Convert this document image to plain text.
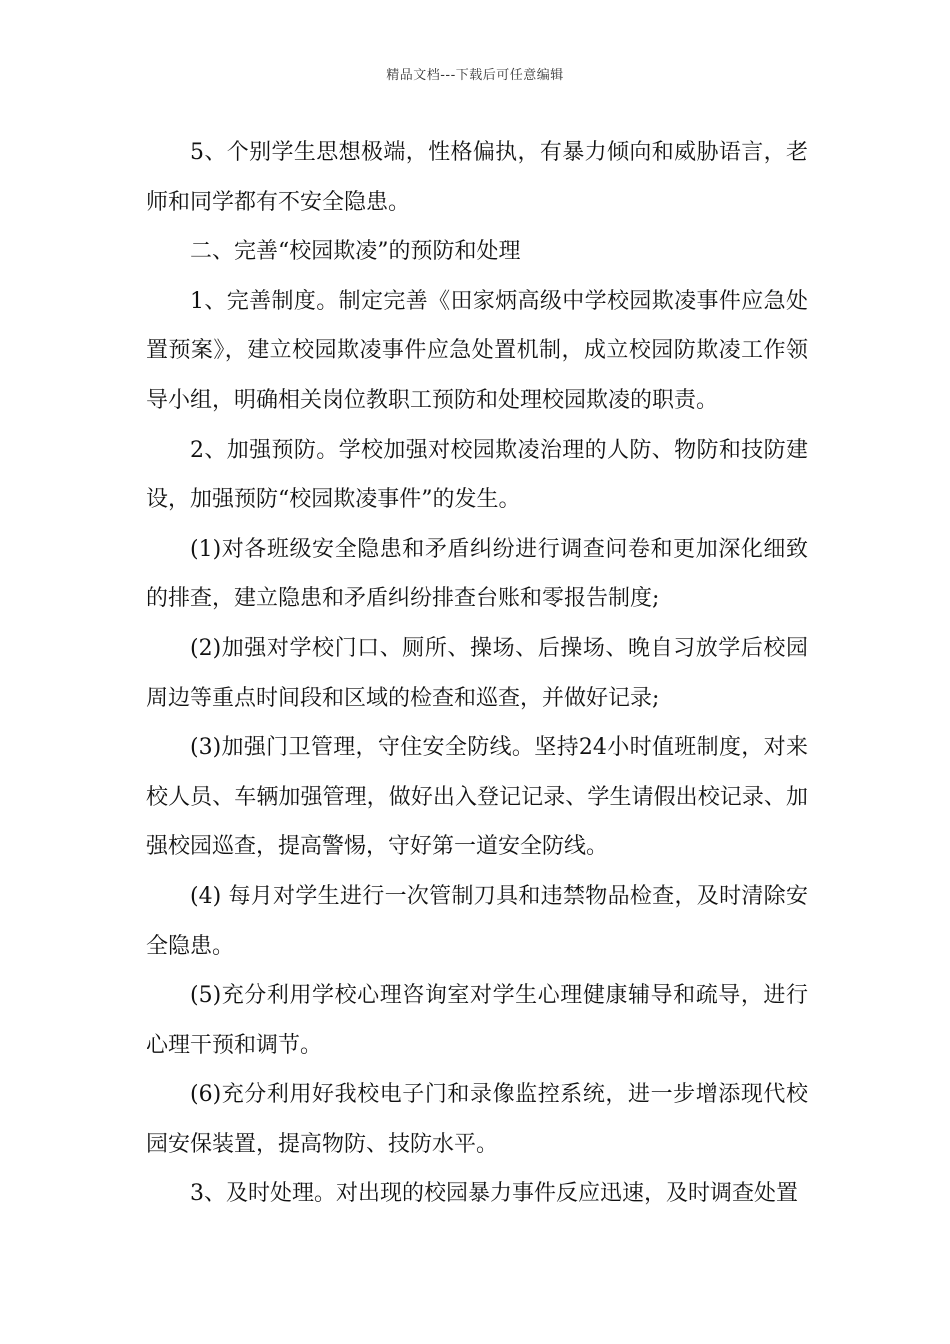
精品文档---下载后可任意编辑

5、个别学生思想极端，性格偏执，有暴力倾向和威胁语言，老师和同学都有不安全隐患。

二、完善“校园欺凌”的预防和处理

1、完善制度。制定完善《田家炳高级中学校园欺凌事件应急处置预案》，建立校园欺凌事件应急处置机制，成立校园防欺凌工作领导小组，明确相关岗位教职工预防和处理校园欺凌的职责。

2、加强预防。学校加强对校园欺凌治理的人防、物防和技防建设，加强预防“校园欺凌事件”的发生。

(1)对各班级安全隐患和矛盾纠纷进行调查问卷和更加深化细致的排查，建立隐患和矛盾纠纷排查台账和零报告制度;

(2)加强对学校门口、厕所、操场、后操场、晚自习放学后校园周边等重点时间段和区域的检查和巡查，并做好记录;

(3)加强门卫管理，守住安全防线。坚持24小时值班制度，对来校人员、车辆加强管理，做好出入登记记录、学生请假出校记录、加强校园巡查，提高警惕，守好第一道安全防线。

(4) 每月对学生进行一次管制刀具和违禁物品检查，及时清除安全隐患。

(5)充分利用学校心理咨询室对学生心理健康辅导和疏导，进行心理干预和调节。

(6)充分利用好我校电子门和录像监控系统，进一步增添现代校园安保装置，提高物防、技防水平。

3、及时处理。对出现的校园暴力事件反应迅速，及时调查处置
